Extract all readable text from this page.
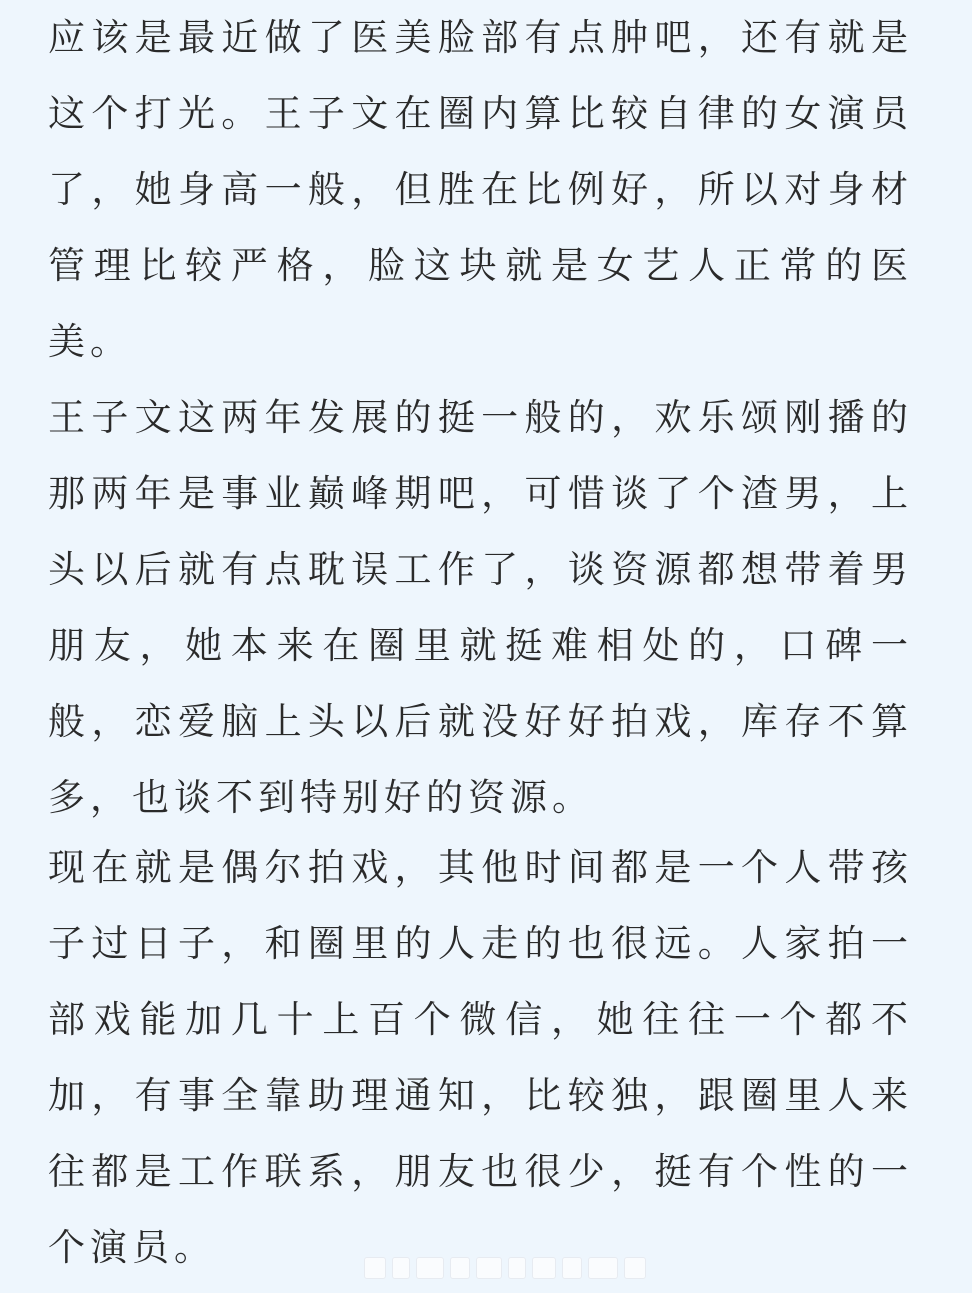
应该是最近做了医美脸部有点肿吧，还有就是
这个打光。王子文在圈内算比较自律的女演员
了，她身高一般，但胜在比例好，所以对身材
管理比较严格，脸这块就是女艺人正常的医
美。
王子文这两年发展的挺一般的，欢乐颂刚播的
那两年是事业巅峰期吧，可惜谈了个渣男，上
头以后就有点耽误工作了，谈资源都想带着男
朋友，她本来在圈里就挺难相处的，口碑一
般，恋爱脑上头以后就没好好拍戏，库存不算
多，也谈不到特别好的资源。
现在就是偶尔拍戏，其他时间都是一个人带孩
子过日子，和圈里的人走的也很远。人家拍一
部戏能加几十上百个微信，她往往一个都不
加，有事全靠助理通知，比较独，跟圈里人来
往都是工作联系，朋友也很少，挺有个性的一
个演员。
